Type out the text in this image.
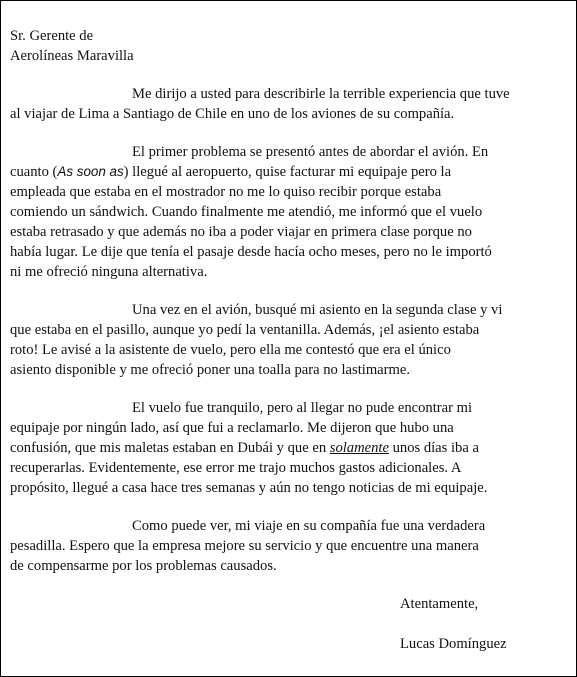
Sr. Gerente de
Aerolíneas Maravilla
Me dirijo a usted para describirle la terrible experiencia que tuve
al viajar de Lima a Santiago de Chile en uno de los aviones de su compañía.
El primer problema se presentó antes de abordar el avión. En
cuanto (As soon as) llegué al aeropuerto, quise facturar mi equipaje pero la
empleada que estaba en el mostrador no me lo quiso recibir porque estaba
comiendo un sándwich. Cuando finalmente me atendió, me informó que el vuelo
estaba retrasado y que además no iba a poder viajar en primera clase porque no
había lugar. Le dije que tenía el pasaje desde hacía ocho meses, pero no le importó
ni me ofreció ninguna alternativa.
Una vez en el avión, busqué mi asiento en la segunda clase y vi
que estaba en el pasillo, aunque yo pedí la ventanilla. Además, ¡el asiento estaba
roto! Le avisé a la asistente de vuelo, pero ella me contestó que era el único
asiento disponible y me ofreció poner una toalla para no lastimarme.
El vuelo fue tranquilo, pero al llegar no pude encontrar mi
equipaje por ningún lado, así que fui a reclamarlo. Me dijeron que hubo una
confusión, que mis maletas estaban en Dubái y que en solamente unos días iba a
recuperarlas. Evidentemente, ese error me trajo muchos gastos adicionales. A
propósito, llegué a casa hace tres semanas y aún no tengo noticias de mi equipaje.
Como puede ver, mi viaje en su compañía fue una verdadera
pesadilla. Espero que la empresa mejore su servicio y que encuentre una manera
de compensarme por los problemas causados.
Atentamente,
Lucas Domínguez
